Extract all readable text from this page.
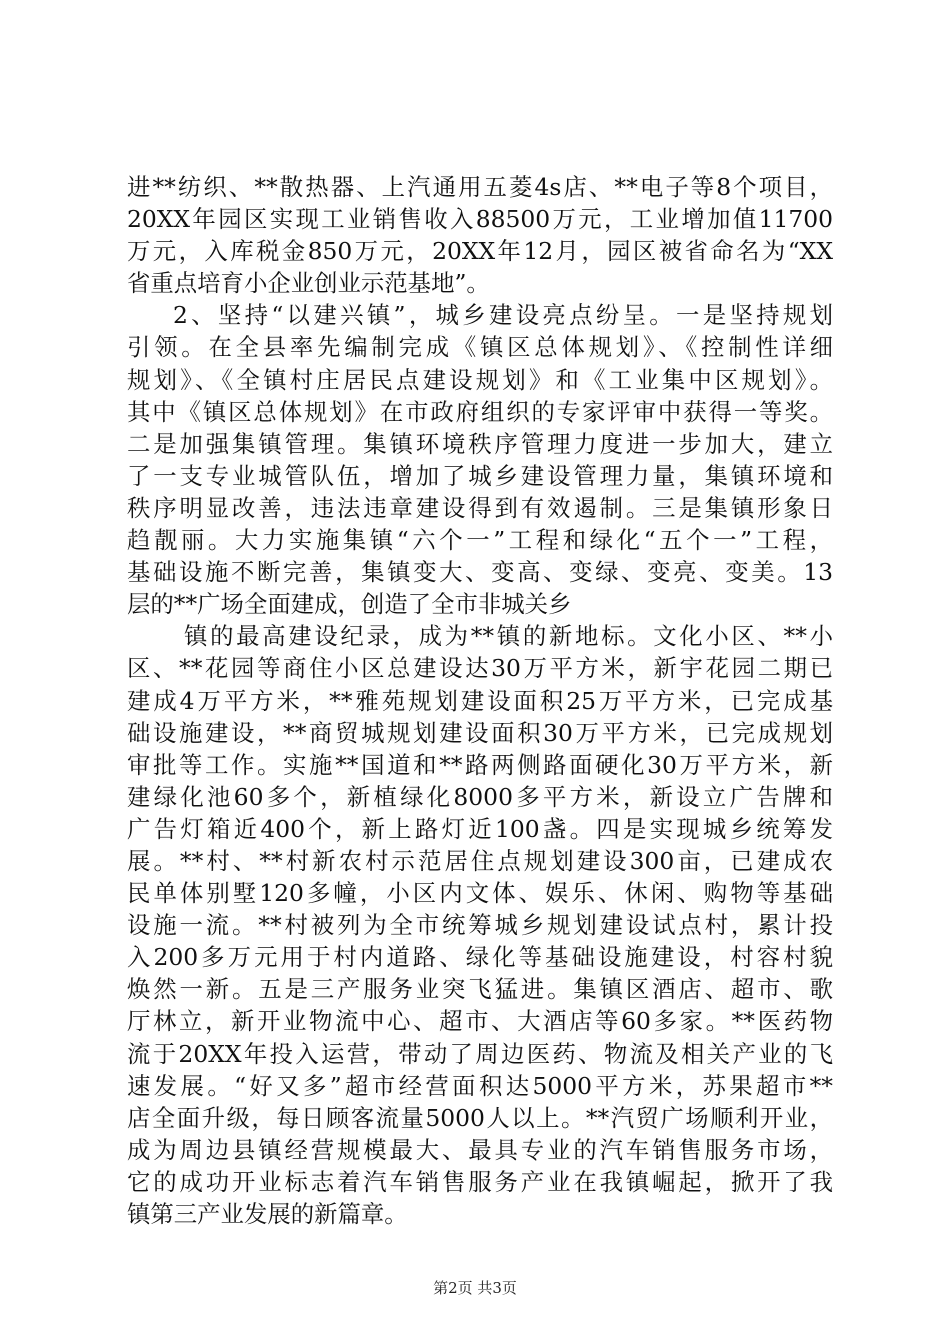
进**纺织、**散热器、上汽通用五菱4s店、**电子等8个项目，
20XX年园区实现工业销售收入88500万元，工业增加值11700
万元，入库税金850万元，20XX年12月，园区被省命名为“XX
省重点培育小企业创业示范基地”。
2、坚持“以建兴镇”，城乡建设亮点纷呈。一是坚持规划
引领。在全县率先编制完成《镇区总体规划》、《控制性详细
规划》、《全镇村庄居民点建设规划》和《工业集中区规划》。
其中《镇区总体规划》在市政府组织的专家评审中获得一等奖。
二是加强集镇管理。集镇环境秩序管理力度进一步加大，建立
了一支专业城管队伍，增加了城乡建设管理力量，集镇环境和
秩序明显改善，违法违章建设得到有效遏制。三是集镇形象日
趋靓丽。大力实施集镇“六个一”工程和绿化“五个一”工程，
基础设施不断完善，集镇变大、变高、变绿、变亮、变美。13
层的**广场全面建成，创造了全市非城关乡
镇的最高建设纪录，成为**镇的新地标。文化小区、**小
区、**花园等商住小区总建设达30万平方米，新宇花园二期已
建成4万平方米，**雅苑规划建设面积25万平方米，已完成基
础设施建设，**商贸城规划建设面积30万平方米，已完成规划
审批等工作。实施**国道和**路两侧路面硬化30万平方米，新
建绿化池60多个，新植绿化8000多平方米，新设立广告牌和
广告灯箱近400个，新上路灯近100盏。四是实现城乡统筹发
展。**村、**村新农村示范居住点规划建设300亩，已建成农
民单体别墅120多幢，小区内文体、娱乐、休闲、购物等基础
设施一流。**村被列为全市统筹城乡规划建设试点村，累计投
入200多万元用于村内道路、绿化等基础设施建设，村容村貌
焕然一新。五是三产服务业突飞猛进。集镇区酒店、超市、歌
厅林立，新开业物流中心、超市、大酒店等60多家。**医药物
流于20XX年投入运营，带动了周边医药、物流及相关产业的飞
速发展。“好又多”超市经营面积达5000平方米，苏果超市**
店全面升级，每日顾客流量5000人以上。**汽贸广场顺利开业，
成为周边县镇经营规模最大、最具专业的汽车销售服务市场，
它的成功开业标志着汽车销售服务产业在我镇崛起，掀开了我
镇第三产业发展的新篇章。
第2页 共3页
